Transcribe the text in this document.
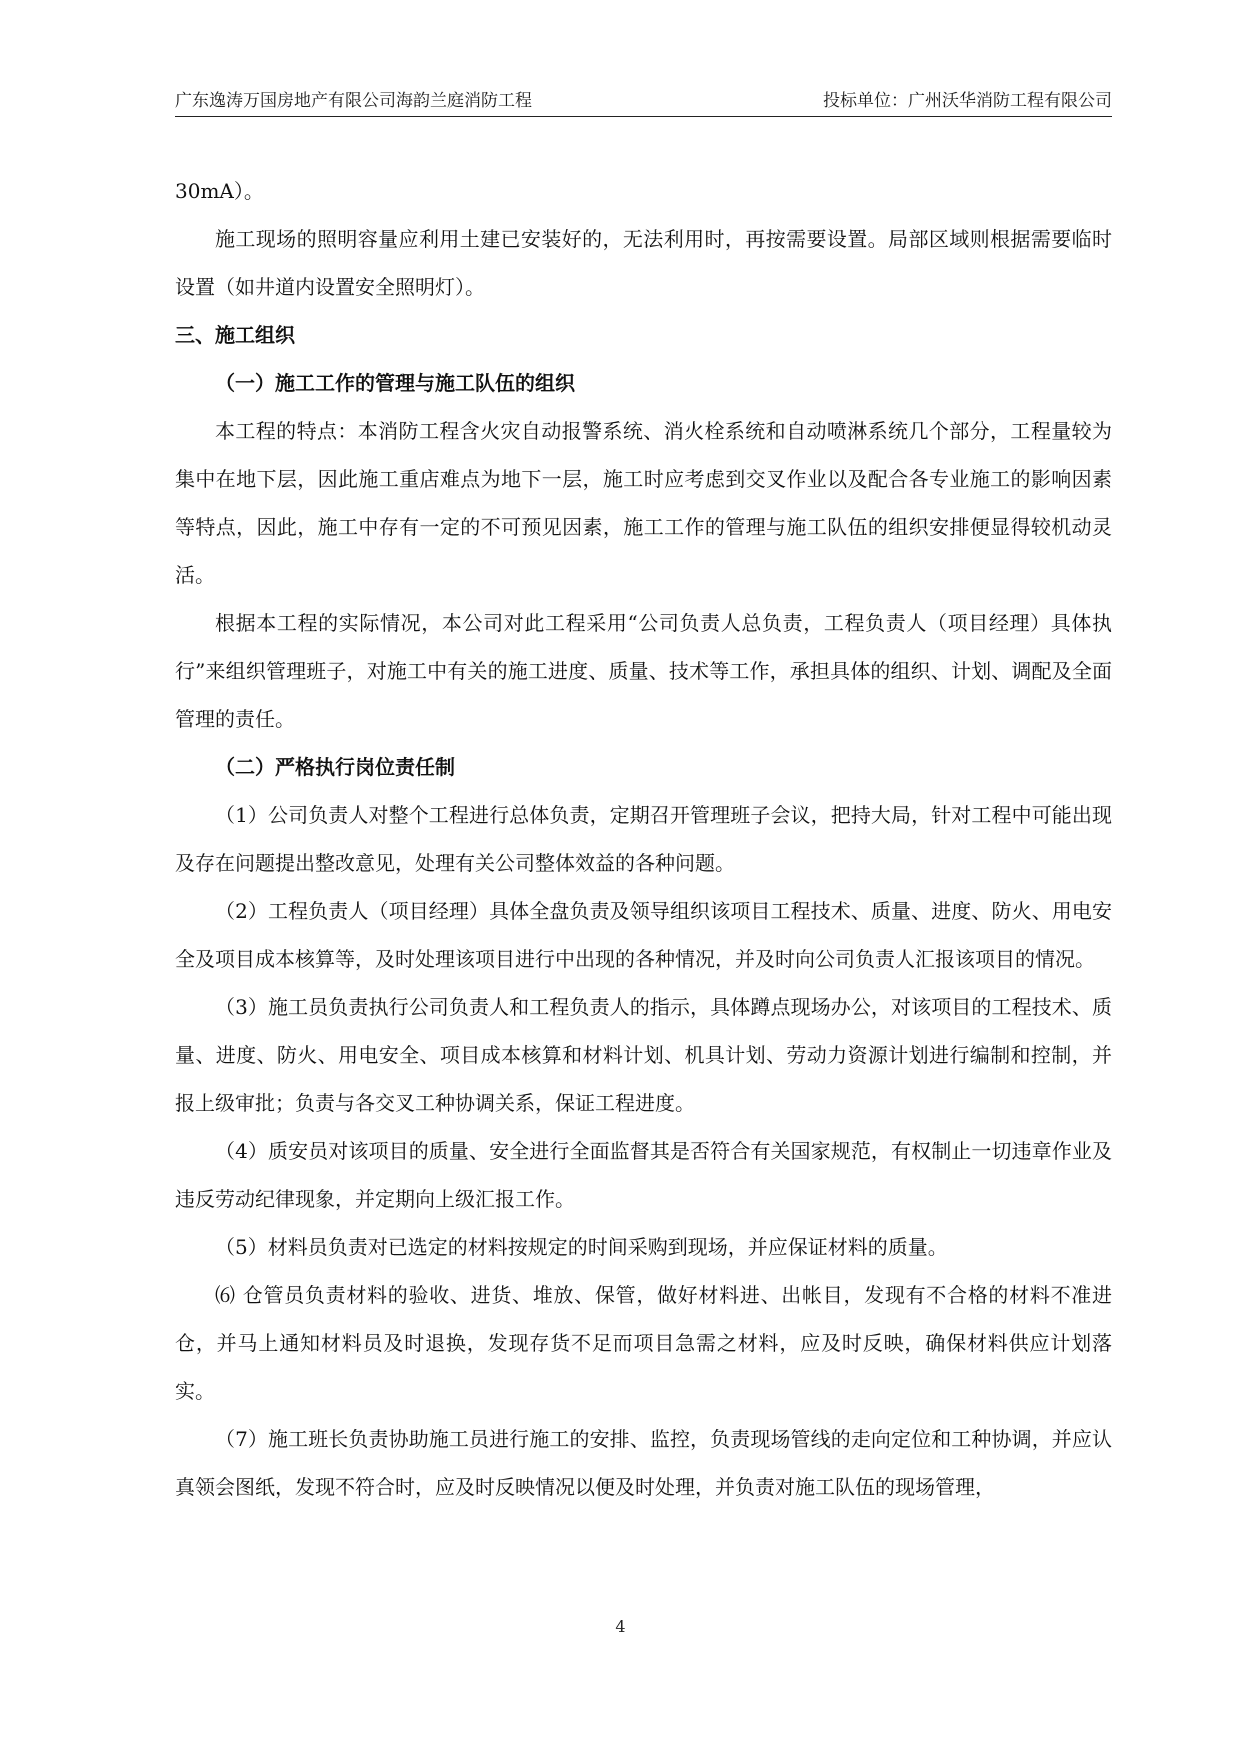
广东逸涛万国房地产有限公司海韵兰庭消防工程	投标单位：广州沃华消防工程有限公司

30mA）。

施工现场的照明容量应利用土建已安装好的，无法利用时，再按需要设置。局部区域则根据需要临时设置（如井道内设置安全照明灯）。

三、施工组织

（一）施工工作的管理与施工队伍的组织

本工程的特点：本消防工程含火灾自动报警系统、消火栓系统和自动喷淋系统几个部分，工程量较为集中在地下层，因此施工重店难点为地下一层，施工时应考虑到交叉作业以及配合各专业施工的影响因素等特点，因此，施工中存有一定的不可预见因素，施工工作的管理与施工队伍的组织安排便显得较机动灵活。

根据本工程的实际情况，本公司对此工程采用“公司负责人总负责，工程负责人（项目经理）具体执行”来组织管理班子，对施工中有关的施工进度、质量、技术等工作，承担具体的组织、计划、调配及全面管理的责任。

（二）严格执行岗位责任制

（1）公司负责人对整个工程进行总体负责，定期召开管理班子会议，把持大局，针对工程中可能出现及存在问题提出整改意见，处理有关公司整体效益的各种问题。

（2）工程负责人（项目经理）具体全盘负责及领导组织该项目工程技术、质量、进度、防火、用电安全及项目成本核算等，及时处理该项目进行中出现的各种情况，并及时向公司负责人汇报该项目的情况。

（3）施工员负责执行公司负责人和工程负责人的指示，具体蹲点现场办公，对该项目的工程技术、质量、进度、防火、用电安全、项目成本核算和材料计划、机具计划、劳动力资源计划进行编制和控制，并报上级审批；负责与各交叉工种协调关系，保证工程进度。

（4）质安员对该项目的质量、安全进行全面监督其是否符合有关国家规范，有权制止一切违章作业及违反劳动纪律现象，并定期向上级汇报工作。

（5）材料员负责对已选定的材料按规定的时间采购到现场，并应保证材料的质量。

⑹ 仓管员负责材料的验收、进货、堆放、保管，做好材料进、出帐目，发现有不合格的材料不准进仓，并马上通知材料员及时退换，发现存货不足而项目急需之材料，应及时反映，确保材料供应计划落实。

（7）施工班长负责协助施工员进行施工的安排、监控，负责现场管线的走向定位和工种协调，并应认真领会图纸，发现不符合时，应及时反映情况以便及时处理，并负责对施工队伍的现场管理，

4
